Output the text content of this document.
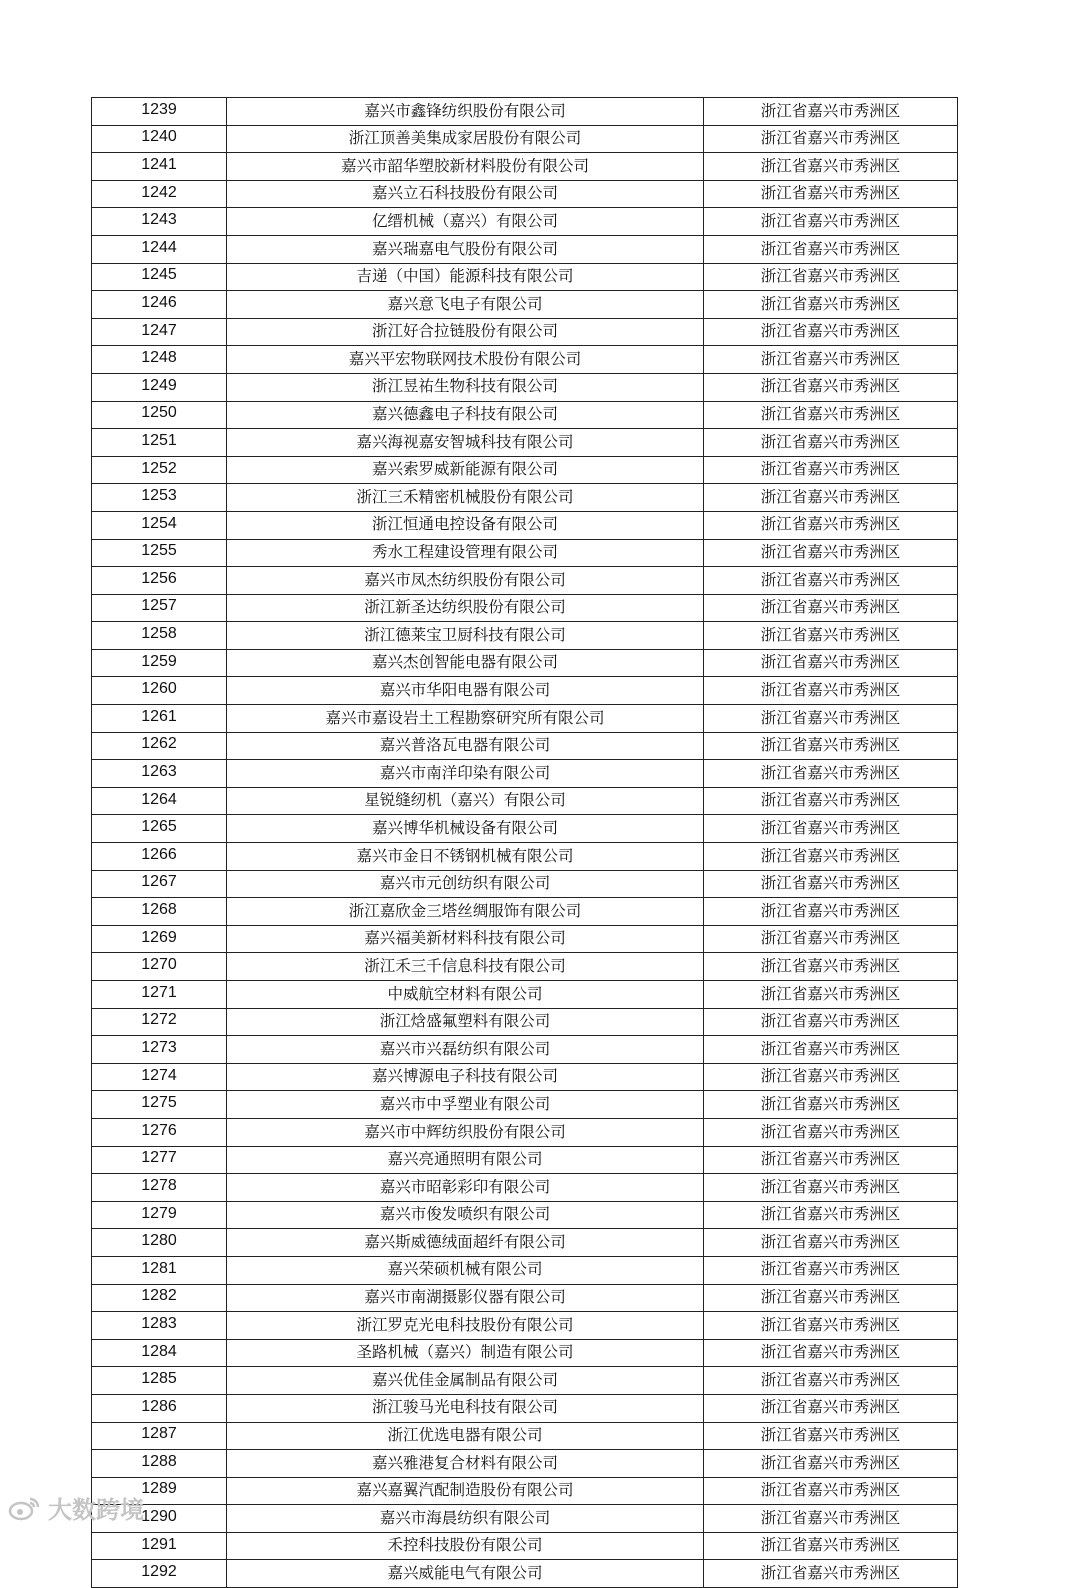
1239	嘉兴市鑫锋纺织股份有限公司	浙江省嘉兴市秀洲区
1240	浙江顶善美集成家居股份有限公司	浙江省嘉兴市秀洲区
1241	嘉兴市韶华塑胶新材料股份有限公司	浙江省嘉兴市秀洲区
1242	嘉兴立石科技股份有限公司	浙江省嘉兴市秀洲区
1243	亿缙机械（嘉兴）有限公司	浙江省嘉兴市秀洲区
1244	嘉兴瑞嘉电气股份有限公司	浙江省嘉兴市秀洲区
1245	吉递（中国）能源科技有限公司	浙江省嘉兴市秀洲区
1246	嘉兴意飞电子有限公司	浙江省嘉兴市秀洲区
1247	浙江好合拉链股份有限公司	浙江省嘉兴市秀洲区
1248	嘉兴平宏物联网技术股份有限公司	浙江省嘉兴市秀洲区
1249	浙江昱祐生物科技有限公司	浙江省嘉兴市秀洲区
1250	嘉兴德鑫电子科技有限公司	浙江省嘉兴市秀洲区
1251	嘉兴海视嘉安智城科技有限公司	浙江省嘉兴市秀洲区
1252	嘉兴索罗威新能源有限公司	浙江省嘉兴市秀洲区
1253	浙江三禾精密机械股份有限公司	浙江省嘉兴市秀洲区
1254	浙江恒通电控设备有限公司	浙江省嘉兴市秀洲区
1255	秀水工程建设管理有限公司	浙江省嘉兴市秀洲区
1256	嘉兴市凤杰纺织股份有限公司	浙江省嘉兴市秀洲区
1257	浙江新圣达纺织股份有限公司	浙江省嘉兴市秀洲区
1258	浙江德莱宝卫厨科技有限公司	浙江省嘉兴市秀洲区
1259	嘉兴杰创智能电器有限公司	浙江省嘉兴市秀洲区
1260	嘉兴市华阳电器有限公司	浙江省嘉兴市秀洲区
1261	嘉兴市嘉设岩土工程勘察研究所有限公司	浙江省嘉兴市秀洲区
1262	嘉兴普洛瓦电器有限公司	浙江省嘉兴市秀洲区
1263	嘉兴市南洋印染有限公司	浙江省嘉兴市秀洲区
1264	星锐缝纫机（嘉兴）有限公司	浙江省嘉兴市秀洲区
1265	嘉兴博华机械设备有限公司	浙江省嘉兴市秀洲区
1266	嘉兴市金日不锈钢机械有限公司	浙江省嘉兴市秀洲区
1267	嘉兴市元创纺织有限公司	浙江省嘉兴市秀洲区
1268	浙江嘉欣金三塔丝绸服饰有限公司	浙江省嘉兴市秀洲区
1269	嘉兴福美新材料科技有限公司	浙江省嘉兴市秀洲区
1270	浙江禾三千信息科技有限公司	浙江省嘉兴市秀洲区
1271	中威航空材料有限公司	浙江省嘉兴市秀洲区
1272	浙江焓盛氟塑料有限公司	浙江省嘉兴市秀洲区
1273	嘉兴市兴磊纺织有限公司	浙江省嘉兴市秀洲区
1274	嘉兴博源电子科技有限公司	浙江省嘉兴市秀洲区
1275	嘉兴市中孚塑业有限公司	浙江省嘉兴市秀洲区
1276	嘉兴市中辉纺织股份有限公司	浙江省嘉兴市秀洲区
1277	嘉兴亮通照明有限公司	浙江省嘉兴市秀洲区
1278	嘉兴市昭彰彩印有限公司	浙江省嘉兴市秀洲区
1279	嘉兴市俊发喷织有限公司	浙江省嘉兴市秀洲区
1280	嘉兴斯威德绒面超纤有限公司	浙江省嘉兴市秀洲区
1281	嘉兴荣硕机械有限公司	浙江省嘉兴市秀洲区
1282	嘉兴市南湖摄影仪器有限公司	浙江省嘉兴市秀洲区
1283	浙江罗克光电科技股份有限公司	浙江省嘉兴市秀洲区
1284	圣路机械（嘉兴）制造有限公司	浙江省嘉兴市秀洲区
1285	嘉兴优佳金属制品有限公司	浙江省嘉兴市秀洲区
1286	浙江骏马光电科技有限公司	浙江省嘉兴市秀洲区
1287	浙江优选电器有限公司	浙江省嘉兴市秀洲区
1288	嘉兴雅港复合材料有限公司	浙江省嘉兴市秀洲区
1289	嘉兴嘉翼汽配制造股份有限公司	浙江省嘉兴市秀洲区
1290	嘉兴市海晨纺织有限公司	浙江省嘉兴市秀洲区
1291	禾控科技股份有限公司	浙江省嘉兴市秀洲区
1292	嘉兴威能电气有限公司	浙江省嘉兴市秀洲区
大数跨境
